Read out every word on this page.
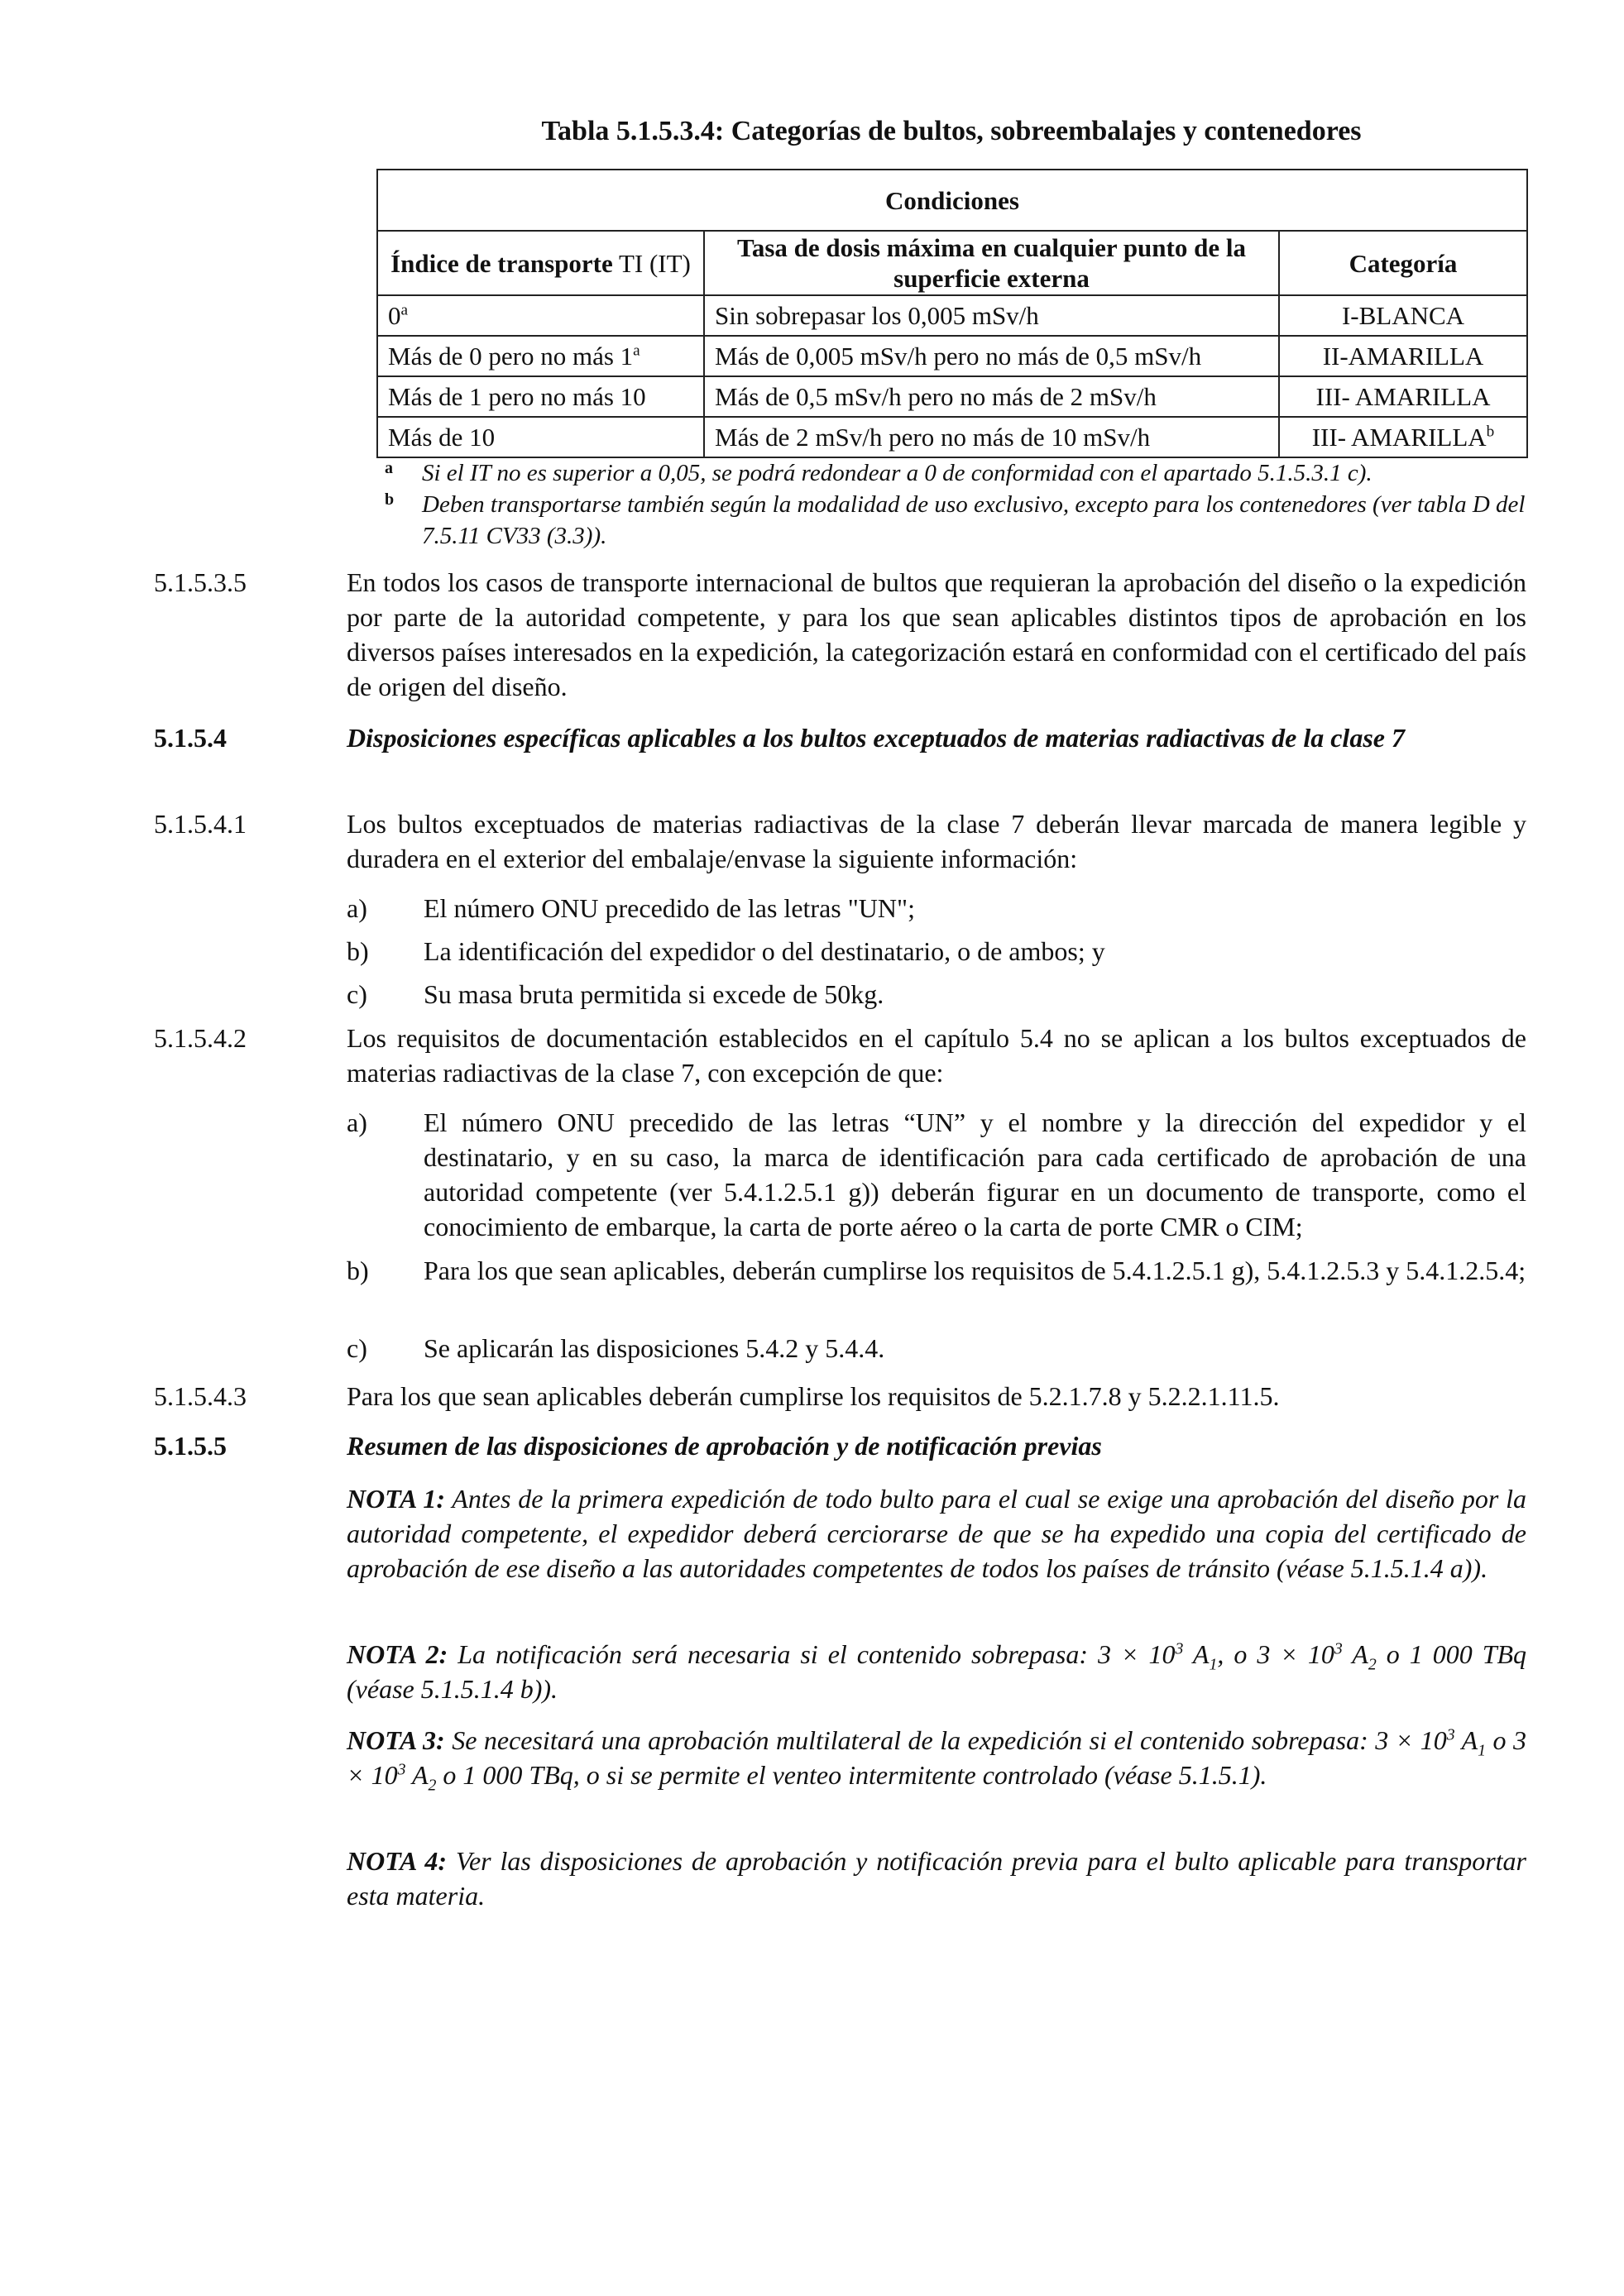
Tabla 5.1.5.3.4: Categorías de bultos, sobreembalajes y contenedores
Condiciones		
Índice de transporte TI (IT)	Tasa de dosis máxima en cualquier punto de la superficie externa	Categoría
0$^a$	Sin sobrepasar los 0,005 mSv/h	I-BLANCA
Más de 0 pero no más 1$^a$	Más de 0,005 mSv/h pero no más de 0,5 mSv/h	II-AMARILLA
Más de 1 pero no más 10	Más de 0,5 mSv/h pero no más de 2 mSv/h	III- AMARILLA
Más de 10	Más de 2 mSv/h pero no más de 10 mSv/h	III- AMARILLA$^b$
a Si el IT no es superior a 0,05, se podrá redondear a 0 de conformidad con el apartado 5.1.5.3.1 c).
b Deben transportarse también según la modalidad de uso exclusivo, excepto para los contenedores (ver tabla D del 7.5.11 CV33 (3.3)).
5.1.5.3.5	En todos los casos de transporte internacional de bultos que requieran la aprobación del diseño o la expedición por parte de la autoridad competente, y para los que sean aplicables distintos tipos de aprobación en los diversos países interesados en la expedición, la categorización estará en conformidad con el certificado del país de origen del diseño.
5.1.5.4	Disposiciones específicas aplicables a los bultos exceptuados de materias radiactivas de la clase 7
5.1.5.4.1	Los bultos exceptuados de materias radiactivas de la clase 7 deberán llevar marcada de manera legible y duradera en el exterior del embalaje/envase la siguiente información:
a) El número ONU precedido de las letras "UN";
b) La identificación del expedidor o del destinatario, o de ambos; y
c) Su masa bruta permitida si excede de 50kg.
5.1.5.4.2	Los requisitos de documentación establecidos en el capítulo 5.4 no se aplican a los bultos exceptuados de materias radiactivas de la clase 7, con excepción de que:
a) El número ONU precedido de las letras “UN” y el nombre y la dirección del expedidor y el destinatario, y en su caso, la marca de identificación para cada certificado de aprobación de una autoridad competente (ver 5.4.1.2.5.1 g)) deberán figurar en un documento de transporte, como el conocimiento de embarque, la carta de porte aéreo o la carta de porte CMR o CIM;
b) Para los que sean aplicables, deberán cumplirse los requisitos de 5.4.1.2.5.1 g), 5.4.1.2.5.3 y 5.4.1.2.5.4;
c) Se aplicarán las disposiciones 5.4.2 y 5.4.4.
5.1.5.4.3	Para los que sean aplicables deberán cumplirse los requisitos de 5.2.1.7.8 y 5.2.2.1.11.5.
5.1.5.5	Resumen de las disposiciones de aprobación y de notificación previas
NOTA 1: Antes de la primera expedición de todo bulto para el cual se exige una aprobación del diseño por la autoridad competente, el expedidor deberá cerciorarse de que se ha expedido una copia del certificado de aprobación de ese diseño a las autoridades competentes de todos los países de tránsito (véase 5.1.5.1.4 a)).
NOTA 2: La notificación será necesaria si el contenido sobrepasa: $3 \times 10^3$ $A_1$, o $3 \times 10^3$ $A_2$ o 1 000 TBq (véase 5.1.5.1.4 b)).
NOTA 3: Se necesitará una aprobación multilateral de la expedición si el contenido sobrepasa: $3 \times 10^3$ $A_1$ o $3 \times 10^3$ $A_2$ o 1 000 TBq, o si se permite el venteo intermitente controlado (véase 5.1.5.1).
NOTA 4: Ver las disposiciones de aprobación y notificación previa para el bulto aplicable para transportar esta materia.
